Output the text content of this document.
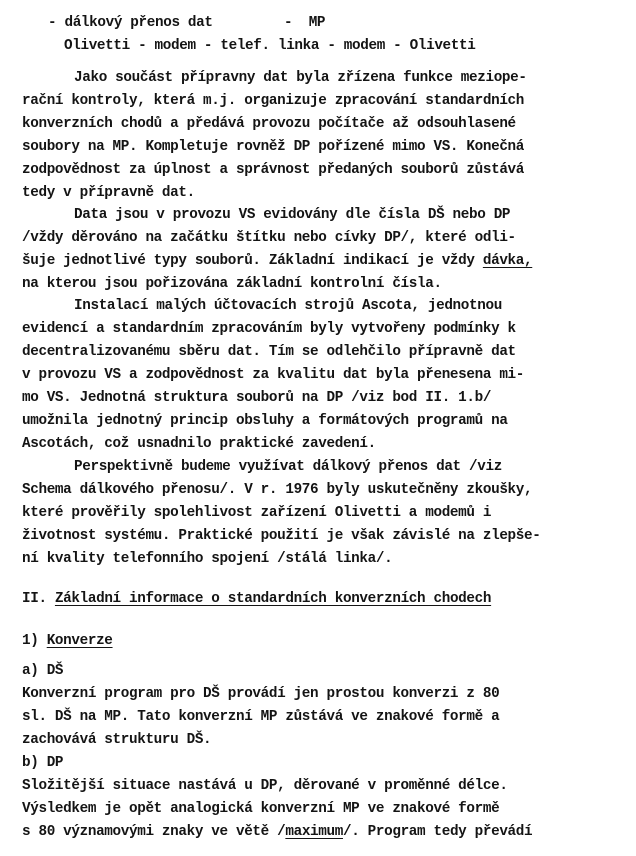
- dálkový přenos dat	-  MP
Olivetti - modem - telef. linka - modem - Olivetti
Jako součást přípravny dat byla zřízena funkce meziope-
rační kontroly, která m.j. organizuje zpracování standardních
konverzních chodů a předává provozu počítače až odsouhlasené
soubory na MP. Kompletuje rovněž DP pořízené mimo VS. Konečná
zodpovědnost za úplnost a správnost předaných souborů zůstává
tedy v přípravně dat.
Data jsou v provozu VS evidovány dle čísla DŠ nebo DP
/vždy děrováno na začátku štítku nebo cívky DP/, které odli-
šuje jednotlivé typy souborů. Základní indikací je vždy dávka,
na kterou jsou pořizována základní kontrolní čísla.
Instalací malých účtovacích strojů Ascota, jednotnou
evidencí a standardním zpracováním byly vytvořeny podmínky k
decentralizovanému sběru dat. Tím se odlehčilo přípravně dat
v provozu VS a zodpovědnost za kvalitu dat byla přenesena mi-
mo VS. Jednotná struktura souborů na DP /viz bod II. 1.b/
umožnila jednotný princip obsluhy a formátových programů na
Ascotách, což usnadnilo praktické zavedení.
Perspektivně budeme využívat dálkový přenos dat /viz
Schema dálkového přenosu/. V r. 1976 byly uskutečněny zkoušky,
které prověřily spolehlivost zařízení Olivetti a modemů i
životnost systému. Praktické použití je však závislé na zlepše-
ní kvality telefonního spojení /stálá linka/.
II. Základní informace o standardních konverzních chodech
1) Konverze
a) DŠ
Konverzní program pro DŠ provádí jen prostou konverzi z 80
sl. DŠ na MP. Tato konverzní MP zůstává ve znakové formě a
zachovává strukturu DŠ.
b) DP
Složitější situace nastává u DP, děrované v proměnné délce.
Výsledkem je opět analogická konverzní MP ve znakové formě
s 80 významovými znaky ve větě /maximum/. Program tedy převádí
